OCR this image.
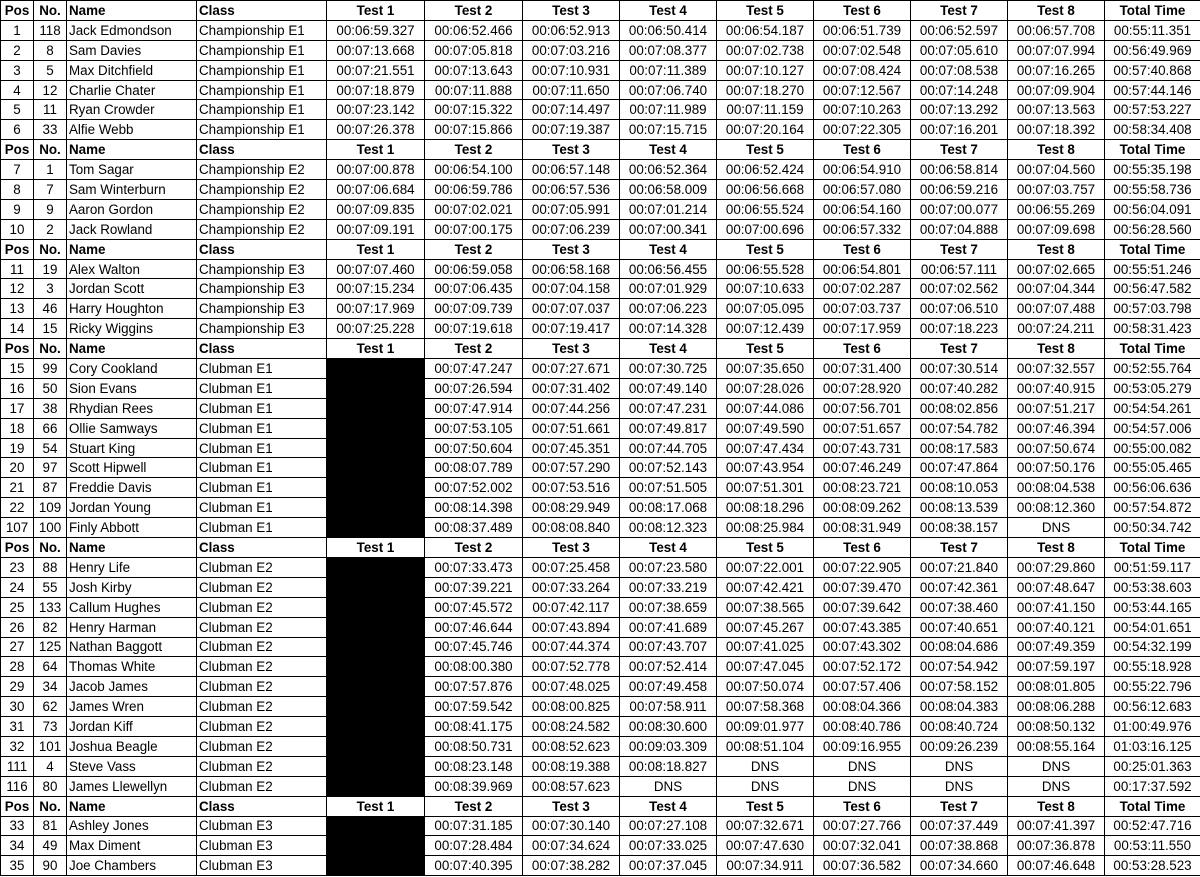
Pos	No.	Name	Class	Test 1	Test 2	Test 3	Test 4	Test 5	Test 6	Test 7	Test 8	Total Time
1	118	Jack Edmondson	Championship E1	00:06:59.327	00:06:52.466	00:06:52.913	00:06:50.414	00:06:54.187	00:06:51.739	00:06:52.597	00:06:57.708	00:55:11.351
2	8	Sam Davies	Championship E1	00:07:13.668	00:07:05.818	00:07:03.216	00:07:08.377	00:07:02.738	00:07:02.548	00:07:05.610	00:07:07.994	00:56:49.969
3	5	Max Ditchfield	Championship E1	00:07:21.551	00:07:13.643	00:07:10.931	00:07:11.389	00:07:10.127	00:07:08.424	00:07:08.538	00:07:16.265	00:57:40.868
4	12	Charlie Chater	Championship E1	00:07:18.879	00:07:11.888	00:07:11.650	00:07:06.740	00:07:18.270	00:07:12.567	00:07:14.248	00:07:09.904	00:57:44.146
5	11	Ryan Crowder	Championship E1	00:07:23.142	00:07:15.322	00:07:14.497	00:07:11.989	00:07:11.159	00:07:10.263	00:07:13.292	00:07:13.563	00:57:53.227
6	33	Alfie Webb	Championship E1	00:07:26.378	00:07:15.866	00:07:19.387	00:07:15.715	00:07:20.164	00:07:22.305	00:07:16.201	00:07:18.392	00:58:34.408
Pos	No.	Name	Class	Test 1	Test 2	Test 3	Test 4	Test 5	Test 6	Test 7	Test 8	Total Time
7	1	Tom Sagar	Championship E2	00:07:00.878	00:06:54.100	00:06:57.148	00:06:52.364	00:06:52.424	00:06:54.910	00:06:58.814	00:07:04.560	00:55:35.198
8	7	Sam Winterburn	Championship E2	00:07:06.684	00:06:59.786	00:06:57.536	00:06:58.009	00:06:56.668	00:06:57.080	00:06:59.216	00:07:03.757	00:55:58.736
9	9	Aaron Gordon	Championship E2	00:07:09.835	00:07:02.021	00:07:05.991	00:07:01.214	00:06:55.524	00:06:54.160	00:07:00.077	00:06:55.269	00:56:04.091
10	2	Jack Rowland	Championship E2	00:07:09.191	00:07:00.175	00:07:06.239	00:07:00.341	00:07:00.696	00:06:57.332	00:07:04.888	00:07:09.698	00:56:28.560
Pos	No.	Name	Class	Test 1	Test 2	Test 3	Test 4	Test 5	Test 6	Test 7	Test 8	Total Time
11	19	Alex Walton	Championship E3	00:07:07.460	00:06:59.058	00:06:58.168	00:06:56.455	00:06:55.528	00:06:54.801	00:06:57.111	00:07:02.665	00:55:51.246
12	3	Jordan Scott	Championship E3	00:07:15.234	00:07:06.435	00:07:04.158	00:07:01.929	00:07:10.633	00:07:02.287	00:07:02.562	00:07:04.344	00:56:47.582
13	46	Harry Houghton	Championship E3	00:07:17.969	00:07:09.739	00:07:07.037	00:07:06.223	00:07:05.095	00:07:03.737	00:07:06.510	00:07:07.488	00:57:03.798
14	15	Ricky Wiggins	Championship E3	00:07:25.228	00:07:19.618	00:07:19.417	00:07:14.328	00:07:12.439	00:07:17.959	00:07:18.223	00:07:24.211	00:58:31.423
Pos	No.	Name	Class	Test 1	Test 2	Test 3	Test 4	Test 5	Test 6	Test 7	Test 8	Total Time
15	99	Cory Cookland	Clubman E1		00:07:47.247	00:07:27.671	00:07:30.725	00:07:35.650	00:07:31.400	00:07:30.514	00:07:32.557	00:52:55.764
16	50	Sion Evans	Clubman E1		00:07:26.594	00:07:31.402	00:07:49.140	00:07:28.026	00:07:28.920	00:07:40.282	00:07:40.915	00:53:05.279
17	38	Rhydian Rees	Clubman E1		00:07:47.914	00:07:44.256	00:07:47.231	00:07:44.086	00:07:56.701	00:08:02.856	00:07:51.217	00:54:54.261
18	66	Ollie Samways	Clubman E1		00:07:53.105	00:07:51.661	00:07:49.817	00:07:49.590	00:07:51.657	00:07:54.782	00:07:46.394	00:54:57.006
19	54	Stuart King	Clubman E1		00:07:50.604	00:07:45.351	00:07:44.705	00:07:47.434	00:07:43.731	00:08:17.583	00:07:50.674	00:55:00.082
20	97	Scott Hipwell	Clubman E1		00:08:07.789	00:07:57.290	00:07:52.143	00:07:43.954	00:07:46.249	00:07:47.864	00:07:50.176	00:55:05.465
21	87	Freddie Davis	Clubman E1		00:07:52.002	00:07:53.516	00:07:51.505	00:07:51.301	00:08:23.721	00:08:10.053	00:08:04.538	00:56:06.636
22	109	Jordan Young	Clubman E1		00:08:14.398	00:08:29.949	00:08:17.068	00:08:18.296	00:08:09.262	00:08:13.539	00:08:12.360	00:57:54.872
107	100	Finly Abbott	Clubman E1		00:08:37.489	00:08:08.840	00:08:12.323	00:08:25.984	00:08:31.949	00:08:38.157	DNS	00:50:34.742
Pos	No.	Name	Class	Test 1	Test 2	Test 3	Test 4	Test 5	Test 6	Test 7	Test 8	Total Time
23	88	Henry Life	Clubman E2		00:07:33.473	00:07:25.458	00:07:23.580	00:07:22.001	00:07:22.905	00:07:21.840	00:07:29.860	00:51:59.117
24	55	Josh Kirby	Clubman E2		00:07:39.221	00:07:33.264	00:07:33.219	00:07:42.421	00:07:39.470	00:07:42.361	00:07:48.647	00:53:38.603
25	133	Callum Hughes	Clubman E2		00:07:45.572	00:07:42.117	00:07:38.659	00:07:38.565	00:07:39.642	00:07:38.460	00:07:41.150	00:53:44.165
26	82	Henry Harman	Clubman E2		00:07:46.644	00:07:43.894	00:07:41.689	00:07:45.267	00:07:43.385	00:07:40.651	00:07:40.121	00:54:01.651
27	125	Nathan Baggott	Clubman E2		00:07:45.746	00:07:44.374	00:07:43.707	00:07:41.025	00:07:43.302	00:08:04.686	00:07:49.359	00:54:32.199
28	64	Thomas White	Clubman E2		00:08:00.380	00:07:52.778	00:07:52.414	00:07:47.045	00:07:52.172	00:07:54.942	00:07:59.197	00:55:18.928
29	34	Jacob James	Clubman E2		00:07:57.876	00:07:48.025	00:07:49.458	00:07:50.074	00:07:57.406	00:07:58.152	00:08:01.805	00:55:22.796
30	62	James Wren	Clubman E2		00:07:59.542	00:08:00.825	00:07:58.911	00:07:58.368	00:08:04.366	00:08:04.383	00:08:06.288	00:56:12.683
31	73	Jordan Kiff	Clubman E2		00:08:41.175	00:08:24.582	00:08:30.600	00:09:01.977	00:08:40.786	00:08:40.724	00:08:50.132	01:00:49.976
32	101	Joshua Beagle	Clubman E2		00:08:50.731	00:08:52.623	00:09:03.309	00:08:51.104	00:09:16.955	00:09:26.239	00:08:55.164	01:03:16.125
111	4	Steve Vass	Clubman E2		00:08:23.148	00:08:19.388	00:08:18.827	DNS	DNS	DNS	DNS	00:25:01.363
116	80	James Llewellyn	Clubman E2		00:08:39.969	00:08:57.623	DNS	DNS	DNS	DNS	DNS	00:17:37.592
Pos	No.	Name	Class	Test 1	Test 2	Test 3	Test 4	Test 5	Test 6	Test 7	Test 8	Total Time
33	81	Ashley Jones	Clubman E3		00:07:31.185	00:07:30.140	00:07:27.108	00:07:32.671	00:07:27.766	00:07:37.449	00:07:41.397	00:52:47.716
34	49	Max Diment	Clubman E3		00:07:28.484	00:07:34.624	00:07:33.025	00:07:47.630	00:07:32.041	00:07:38.868	00:07:36.878	00:53:11.550
35	90	Joe Chambers	Clubman E3		00:07:40.395	00:07:38.282	00:07:37.045	00:07:34.911	00:07:36.582	00:07:34.660	00:07:46.648	00:53:28.523
